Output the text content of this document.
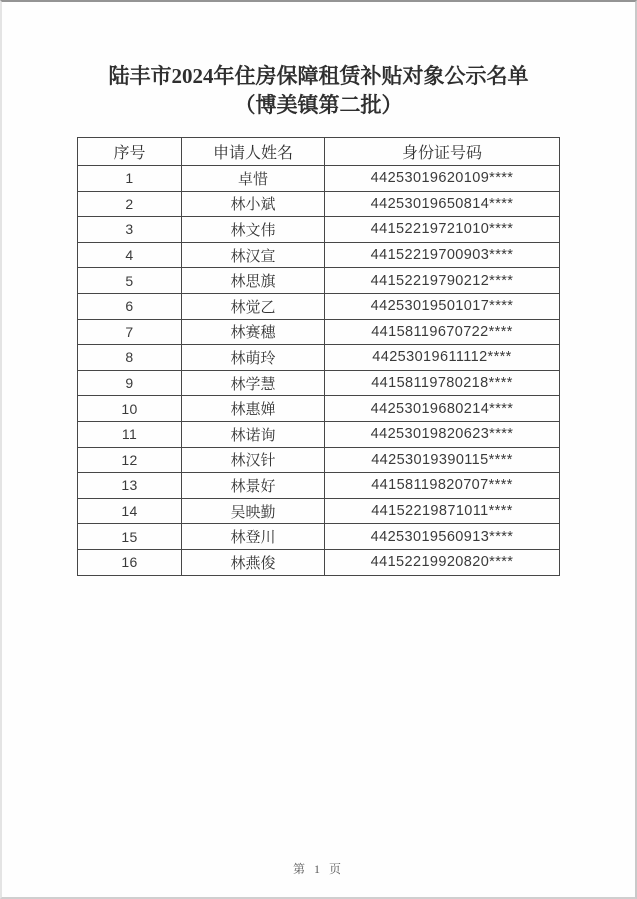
陆丰市2024年住房保障租赁补贴对象公示名单
（博美镇第二批）
序号	申请人姓名	身份证号码
1	卓惜	44253019620109****
2	林小斌	44253019650814****
3	林文伟	44152219721010****
4	林汉宣	44152219700903****
5	林思旗	44152219790212****
6	林觉乙	44253019501017****
7	林赛穗	44158119670722****
8	林萌玲	44253019611112****
9	林学慧	44158119780218****
10	林惠婵	44253019680214****
11	林诺询	44253019820623****
12	林汉针	44253019390115****
13	林景好	44158119820707****
14	吴映勤	44152219871011****
15	林登川	44253019560913****
16	林燕俊	44152219920820****
第 1 页
